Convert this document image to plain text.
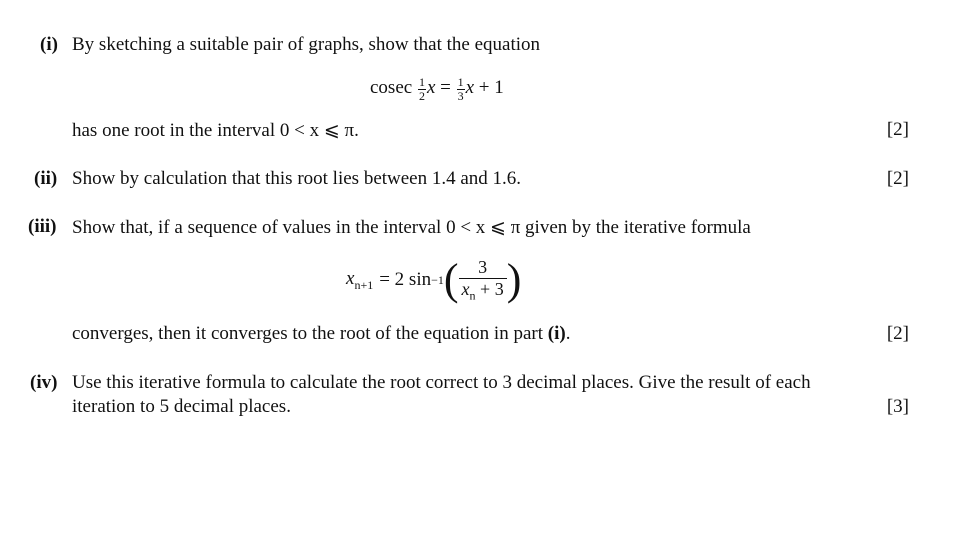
(i) By sketching a suitable pair of graphs, show that the equation
cosec $\frac{1}{2}$ $x = \frac{1}{3}$ x + 1
has one root in the interval 0 < x ⩽ π.	[2]
(ii) Show by calculation that this root lies between 1.4 and 1.6.	[2]
(iii) Show that, if a sequence of values in the interval 0 < x ⩽ π given by the iterative formula
$x_{n+1} = 2$ sin −1 ( $\frac{3}{x_n + 3}$ )
converges, then it converges to the root of the equation in part (i).	[2]
(iv) Use this iterative formula to calculate the root correct to 3 decimal places. Give the result of each
iteration to 5 decimal places.	[3]
